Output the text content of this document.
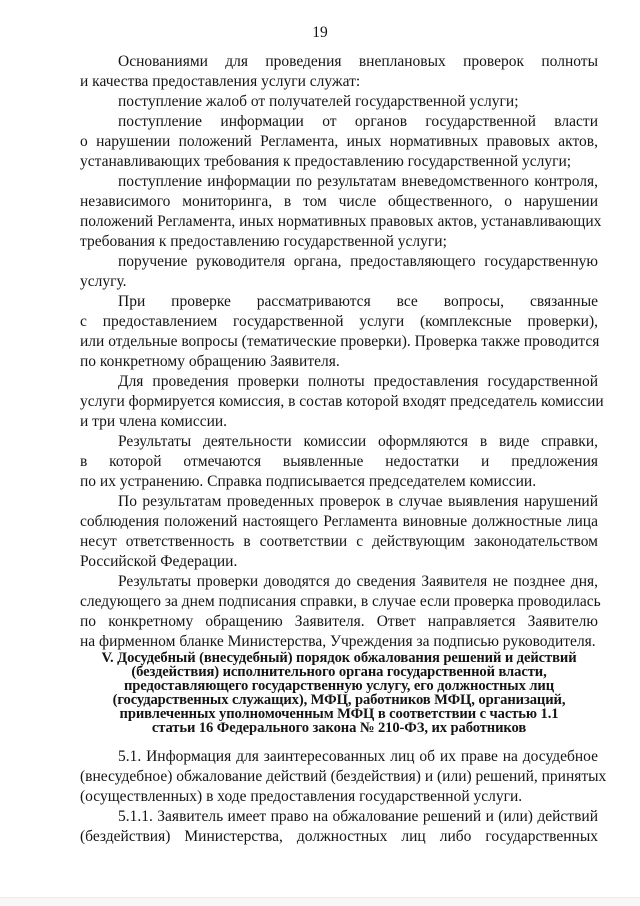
19
Основаниями для проведения внеплановых проверок полноты
и качества предоставления услуги служат:
поступление жалоб от получателей государственной услуги;
поступление информации от органов государственной власти
о нарушении положений Регламента, иных нормативных правовых актов,
устанавливающих требования к предоставлению государственной услуги;
поступление информации по результатам вневедомственного контроля,
независимого мониторинга, в том числе общественного, о нарушении
положений Регламента, иных нормативных правовых актов, устанавливающих
требования к предоставлению государственной услуги;
поручение руководителя органа, предоставляющего государственную
услугу.
При проверке рассматриваются все вопросы, связанные
с предоставлением государственной услуги (комплексные проверки),
или отдельные вопросы (тематические проверки). Проверка также проводится
по конкретному обращению Заявителя.
Для проведения проверки полноты предоставления государственной
услуги формируется комиссия, в состав которой входят председатель комиссии
и три члена комиссии.
Результаты деятельности комиссии оформляются в виде справки,
в которой отмечаются выявленные недостатки и предложения
по их устранению. Справка подписывается председателем комиссии.
По результатам проведенных проверок в случае выявления нарушений
соблюдения положений настоящего Регламента виновные должностные лица
несут ответственность в соответствии с действующим законодательством
Российской Федерации.
Результаты проверки доводятся до сведения Заявителя не позднее дня,
следующего за днем подписания справки, в случае если проверка проводилась
по конкретному обращению Заявителя. Ответ направляется Заявителю
на фирменном бланке Министерства, Учреждения за подписью руководителя.
V. Досудебный (внесудебный) порядок обжалования решений и действий
(бездействия) исполнительного органа государственной власти,
предоставляющего государственную услугу, его должностных лиц
(государственных служащих), МФЦ, работников МФЦ, организаций,
привлеченных уполномоченным МФЦ в соответствии с частью 1.1
статьи 16 Федерального закона № 210-ФЗ, их работников
5.1. Информация для заинтересованных лиц об их праве на досудебное
(внесудебное) обжалование действий (бездействия) и (или) решений, принятых
(осуществленных) в ходе предоставления государственной услуги.
5.1.1. Заявитель имеет право на обжалование решений и (или) действий
(бездействия) Министерства, должностных лиц либо государственных
